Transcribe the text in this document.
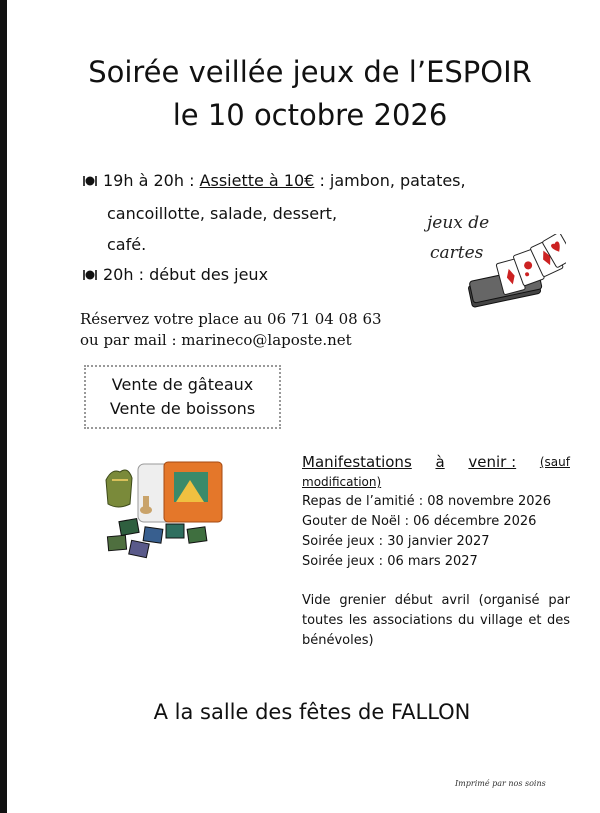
Soirée veillée jeux de l’ESPOIR
le 10 octobre 2026
19h à 20h : Assiette à 10€ : jambon, patates,
cancoillotte, salade, dessert,
café.
20h : début des jeux
jeux de
cartes
Réservez votre place au 06 71 04 08 63
ou par mail : marineco@laposte.net
Vente de gâteaux
Vente de boissons
Manifestations à venir : (sauf
modification)
Repas de l’amitié : 08 novembre 2026
Gouter de Noël : 06 décembre 2026
Soirée jeux : 30 janvier 2027
Soirée jeux : 06 mars 2027
Vide grenier début avril (organisé par toutes les associations du village et des bénévoles)
A la salle des fêtes de FALLON
Imprimé par nos soins
